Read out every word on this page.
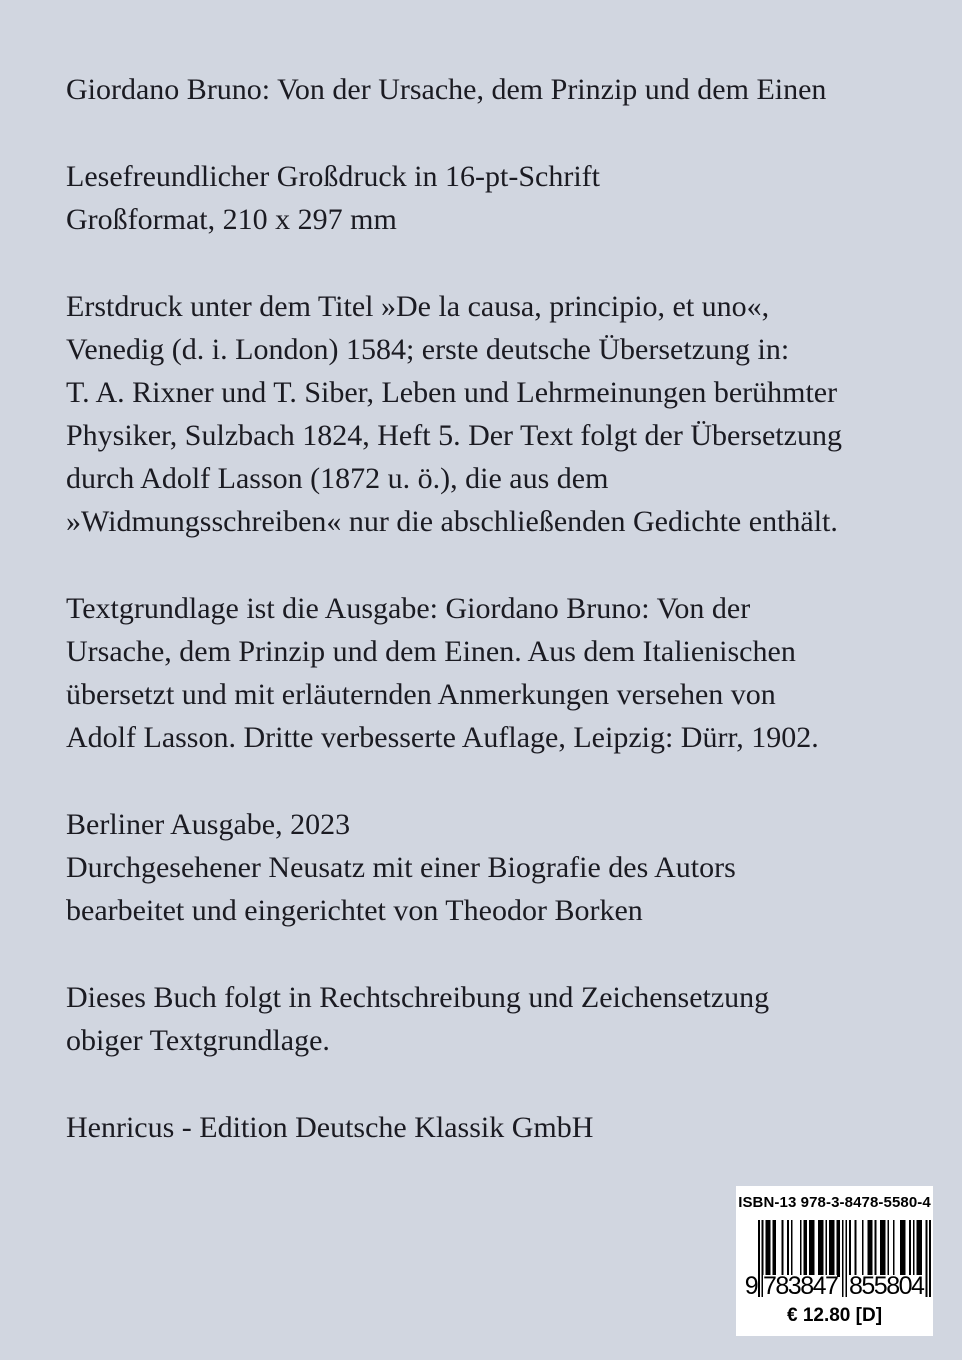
Giordano Bruno: Von der Ursache, dem Prinzip und dem Einen

Lesefreundlicher Großdruck in 16-pt-Schrift
Großformat, 210 x 297 mm

Erstdruck unter dem Titel »De la causa, principio, et uno«,
Venedig (d. i. London) 1584; erste deutsche Übersetzung in:
T. A. Rixner und T. Siber, Leben und Lehrmeinungen berühmter
Physiker, Sulzbach 1824, Heft 5. Der Text folgt der Übersetzung
durch Adolf Lasson (1872 u. ö.), die aus dem
»Widmungsschreiben« nur die abschließenden Gedichte enthält.

Textgrundlage ist die Ausgabe: Giordano Bruno: Von der
Ursache, dem Prinzip und dem Einen. Aus dem Italienischen
übersetzt und mit erläuternden Anmerkungen versehen von
Adolf Lasson. Dritte verbesserte Auflage, Leipzig: Dürr, 1902.

Berliner Ausgabe, 2023
Durchgesehener Neusatz mit einer Biografie des Autors
bearbeitet und eingerichtet von Theodor Borken

Dieses Buch folgt in Rechtschreibung und Zeichensetzung
obiger Textgrundlage.

Henricus - Edition Deutsche Klassik GmbH

ISBN-13 978-3-8478-5580-4
9 783847 855804
€ 12.80 [D]
